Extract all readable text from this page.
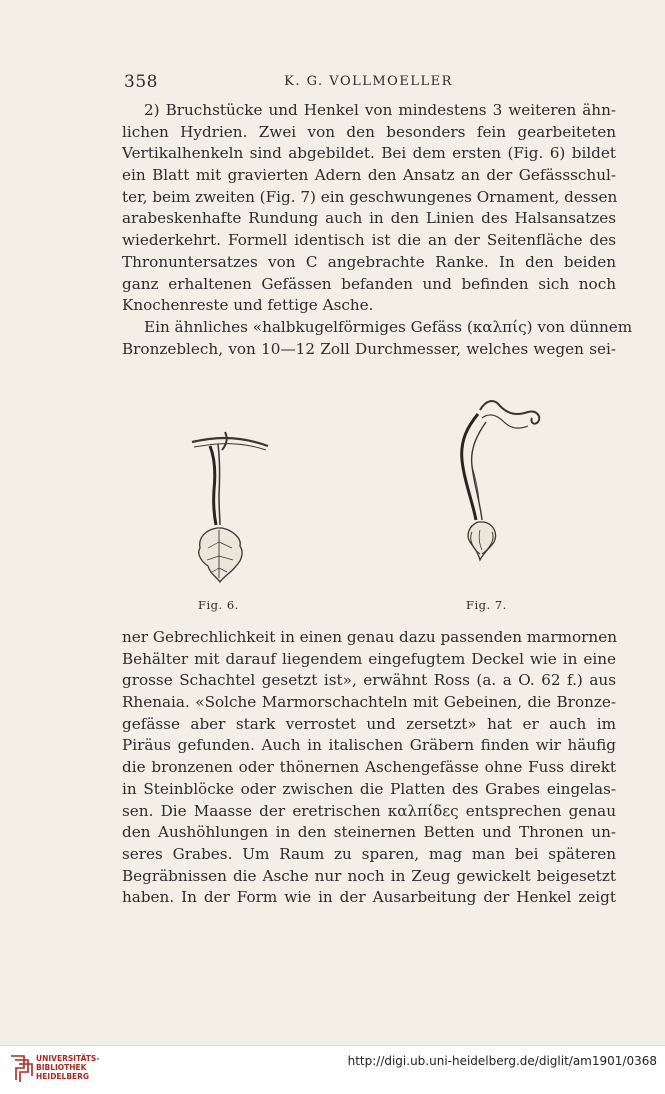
358	K. G. VOLLMOELLER
2) Bruchstücke und Henkel von mindestens 3 weiteren ähn-
lichen Hydrien. Zwei von den besonders fein gearbeiteten
Vertikalhenkeln sind abgebildet. Bei dem ersten (Fig. 6) bildet
ein Blatt mit gravierten Adern den Ansatz an der Gefässschul-
ter, beim zweiten (Fig. 7) ein geschwungenes Ornament, dessen
arabeskenhafte Rundung auch in den Linien des Halsansatzes
wiederkehrt. Formell identisch ist die an der Seitenfläche des
Thronuntersatzes von C angebrachte Ranke. In den beiden
ganz erhaltenen Gefässen befanden und befinden sich noch
Knochenreste und fettige Asche.
Ein ähnliches «halbkugelförmiges Gefäss (καλπίς) von dünnem
Bronzeblech, von 10—12 Zoll Durchmesser, welches wegen sei-
Fig. 6.	Fig. 7.
ner Gebrechlichkeit in einen genau dazu passenden marmornen
Behälter mit darauf liegendem eingefugtem Deckel wie in eine
grosse Schachtel gesetzt ist», erwähnt Ross (a. a O. 62 f.) aus
Rhenaia. «Solche Marmorschachteln mit Gebeinen, die Bronze-
gefässe aber stark verrostet und zersetzt» hat er auch im
Piräus gefunden. Auch in italischen Gräbern finden wir häufig
die bronzenen oder thönernen Aschengefässe ohne Fuss direkt
in Steinblöcke oder zwischen die Platten des Grabes eingelas-
sen. Die Maasse der eretrischen καλπίδες entsprechen genau
den Aushöhlungen in den steinernen Betten und Thronen un-
seres Grabes. Um Raum zu sparen, mag man bei späteren
Begräbnissen die Asche nur noch in Zeug gewickelt beigesetzt
haben. In der Form wie in der Ausarbeitung der Henkel zeigt
UNIVERSITÄTS-
BIBLIOTHEK
HEIDELBERG
http://digi.ub.uni-heidelberg.de/diglit/am1901/0368
